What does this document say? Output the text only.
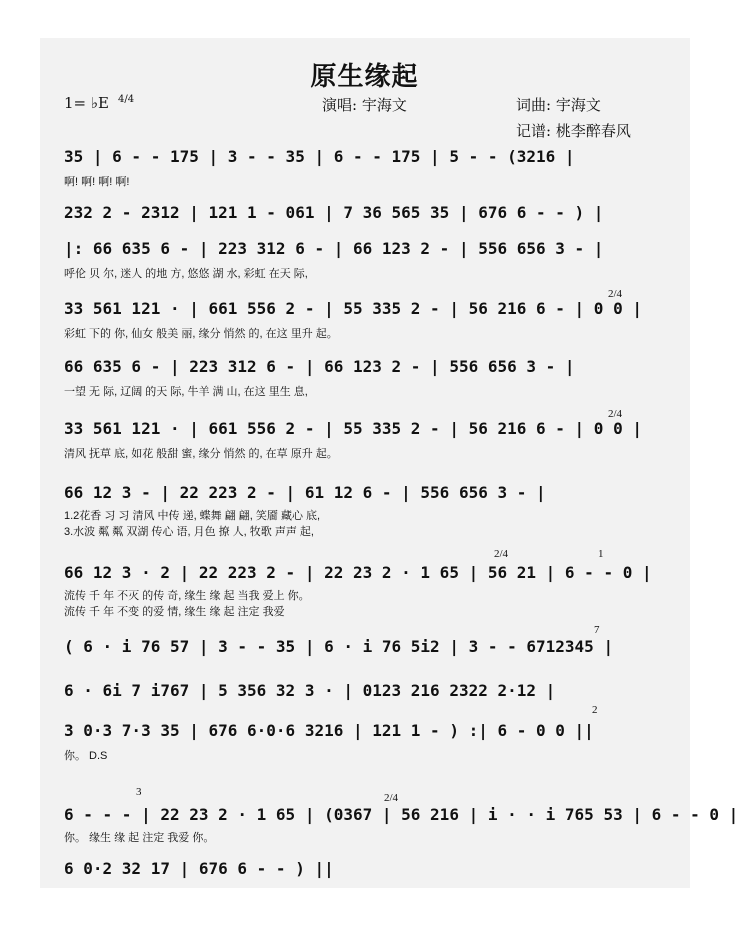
原生缘起
1= ♭E 4/4	演唱: 宇海文	词曲: 宇海文
记谱: 桃李醉春风
35 | 6 - - 175 | 3 - - 35 | 6 - - 175 | 5 - - (3216 |
啊! 啊! 啊! 啊!
232 2 - 2312 | 121 1 - 061 | 7 36 565 35 | 676 6 - - ) |
|: 66 635 6 - | 223 312 6 - | 66 123 2 - | 556 656 3 - |
呼伦 贝 尔, 迷人 的地 方, 悠悠 湖 水, 彩虹 在天 际,
33 561 121 · | 661 556 2 - | 55 335 2 - | 56 216 6 - | 0 0 |
彩虹 下的 你, 仙女 般美 丽, 缘分 悄然 的, 在这 里升 起。
2/4
66 635 6 - | 223 312 6 - | 66 123 2 - | 556 656 3 - |
一望 无 际, 辽阔 的天 际, 牛羊 满 山, 在这 里生 息,
33 561 121 · | 661 556 2 - | 55 335 2 - | 56 216 6 - | 0 0 |
清风 抚草 底, 如花 般甜 蜜, 缘分 悄然 的, 在草 原升 起。
2/4
66 12 3 - | 22 223 2 - | 61 12 6 - | 556 656 3 - |
1.2花香 习 习 清风 中传 递, 蝶舞 翩 翩, 笑靥 藏心 底,
3.水波 粼 粼 双湖 传心 语, 月色 撩 人, 牧歌 声声 起,
66 12 3 · 2 | 22 223 2 - | 22 23 2 · 1 65 | 56 21 | 6 - - 0 |
流传 千 年 不灭 的传 奇, 缘生 缘 起 当我 爱上 你。
流传 千 年 不变 的爱 情, 缘生 缘 起 注定 我爱
2/4	1
( 6 · i 76 57 | 3 - - 35 | 6 · i 76 5i2 | 3 - - 6712345 |
7
6 · 6i 7 i767 | 5 356 32 3 · | 0123 216 2322 2·12 |
3 0·3 7·3 35 | 676 6·0·6 3216 | 121 1 - ) :| 6 - 0 0 ||
你。 D.S
2
6 - - - | 22 23 2 · 1 65 | (0367 | 56 216 | i · · i 765 53 | 6 - - 0 |
你。 缘生 缘 起 注定 我爱 你。
3	2/4
6 0·2 32 17 | 676 6 - - ) ||
